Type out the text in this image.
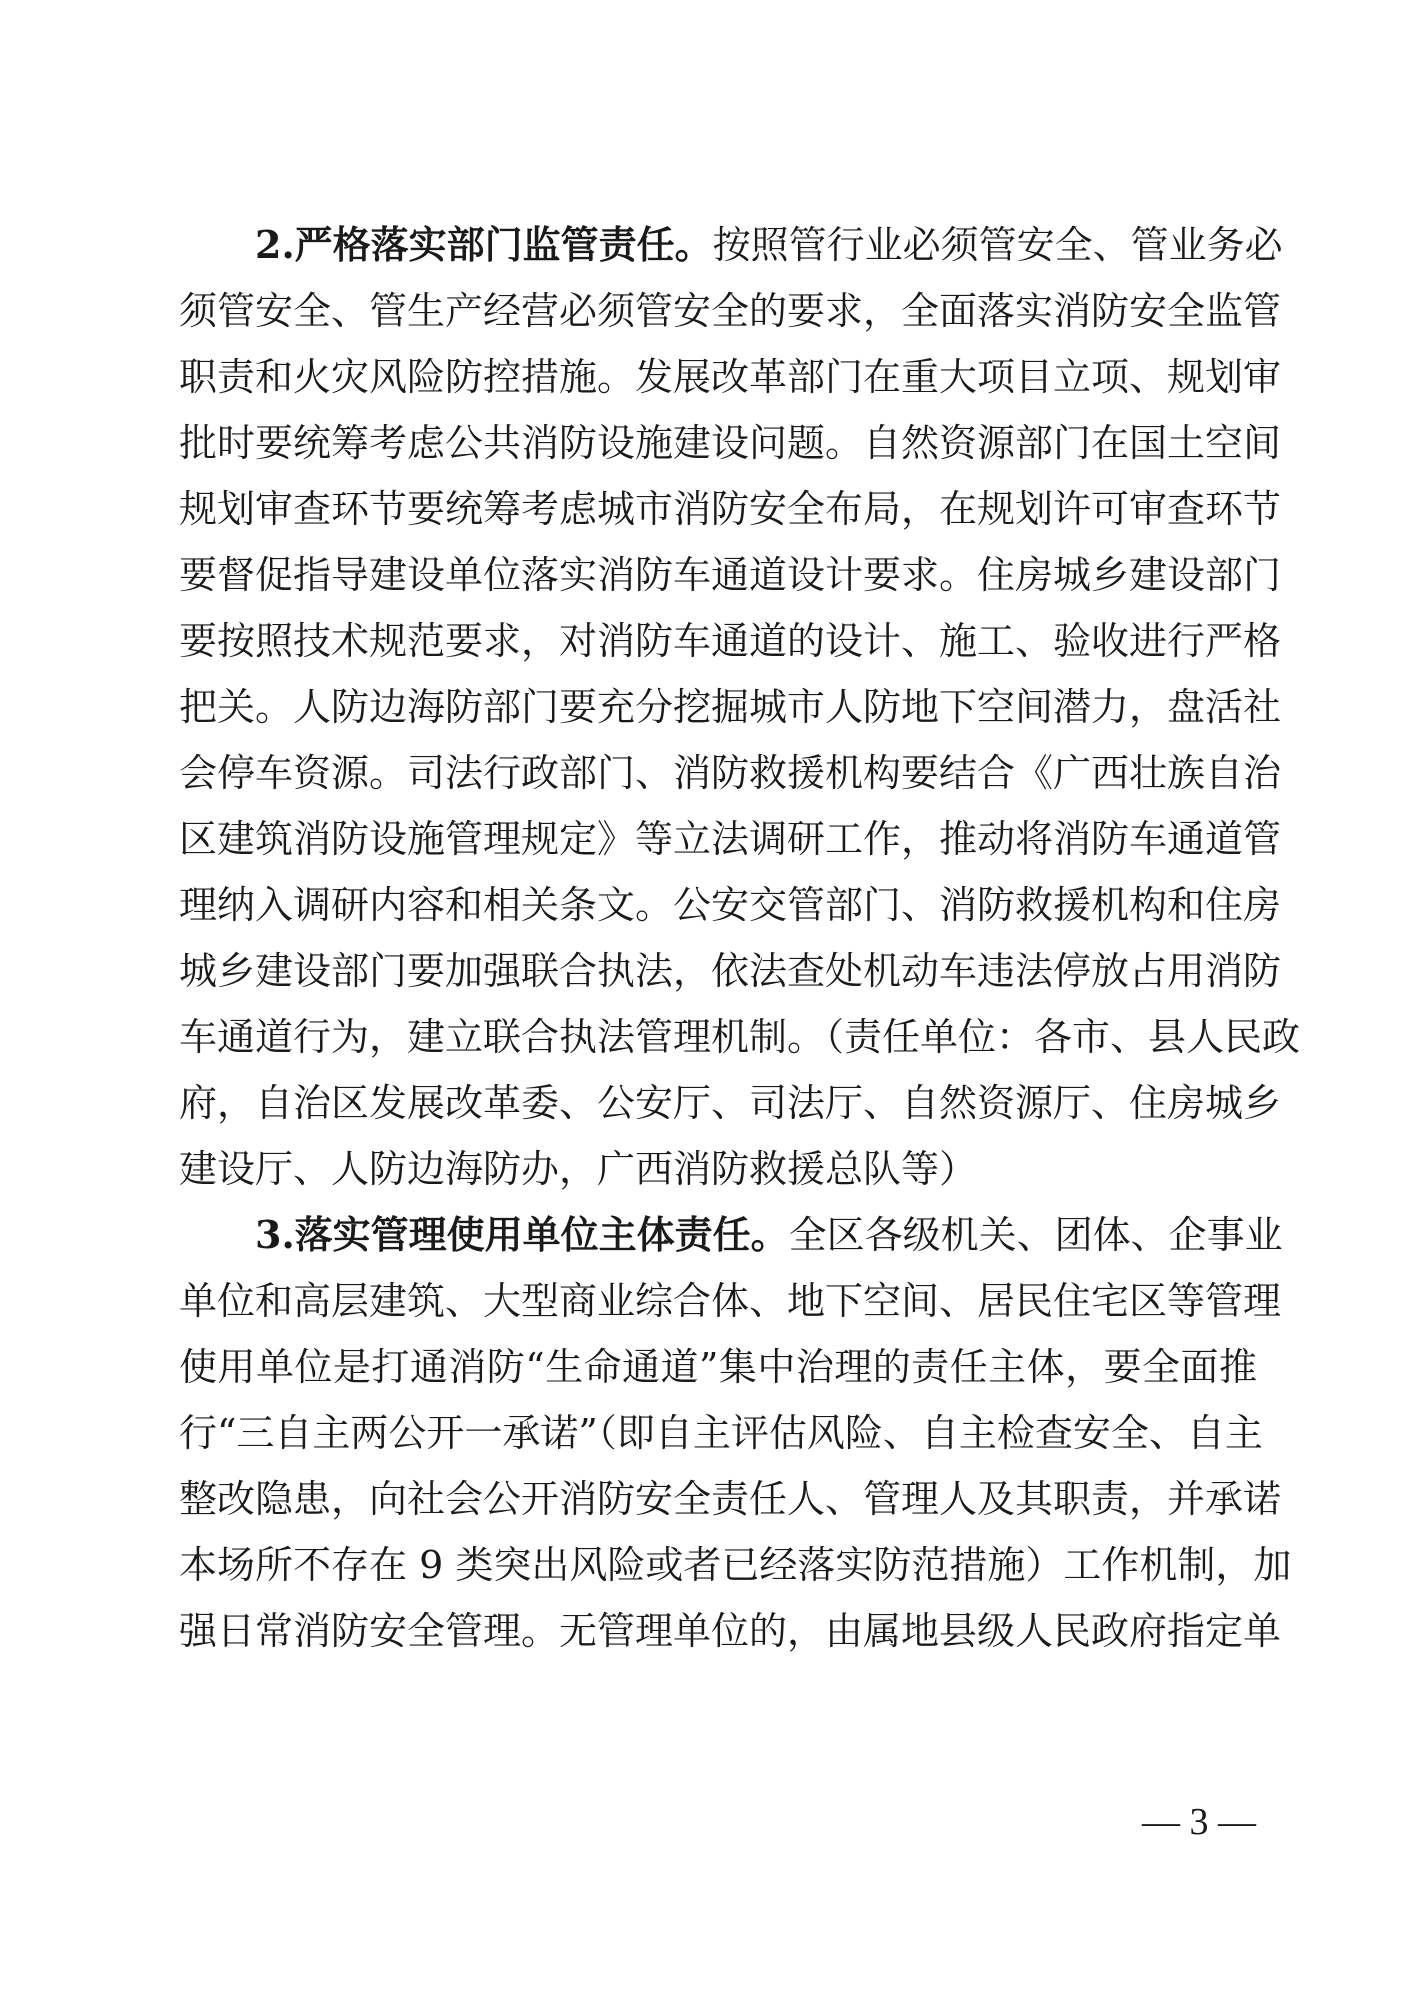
2.严格落实部门监管责任。按照管行业必须管安全、管业务必
须管安全、管生产经营必须管安全的要求，全面落实消防安全监管
职责和火灾风险防控措施。发展改革部门在重大项目立项、规划审
批时要统筹考虑公共消防设施建设问题。自然资源部门在国土空间
规划审查环节要统筹考虑城市消防安全布局，在规划许可审查环节
要督促指导建设单位落实消防车通道设计要求。住房城乡建设部门
要按照技术规范要求，对消防车通道的设计、施工、验收进行严格
把关。人防边海防部门要充分挖掘城市人防地下空间潜力，盘活社
会停车资源。司法行政部门、消防救援机构要结合《广西壮族自治
区建筑消防设施管理规定》等立法调研工作，推动将消防车通道管
理纳入调研内容和相关条文。公安交管部门、消防救援机构和住房
城乡建设部门要加强联合执法，依法查处机动车违法停放占用消防
车通道行为，建立联合执法管理机制。（责任单位：各市、县人民政
府，自治区发展改革委、公安厅、司法厅、自然资源厅、住房城乡
建设厅、人防边海防办，广西消防救援总队等）
3.落实管理使用单位主体责任。全区各级机关、团体、企事业
单位和高层建筑、大型商业综合体、地下空间、居民住宅区等管理
使用单位是打通消防“生命通道”集中治理的责任主体，要全面推
行“三自主两公开一承诺”（即自主评估风险、自主检查安全、自主
整改隐患，向社会公开消防安全责任人、管理人及其职责，并承诺
本场所不存在 9 类突出风险或者已经落实防范措施）工作机制，加
强日常消防安全管理。无管理单位的，由属地县级人民政府指定单
— 3 —
